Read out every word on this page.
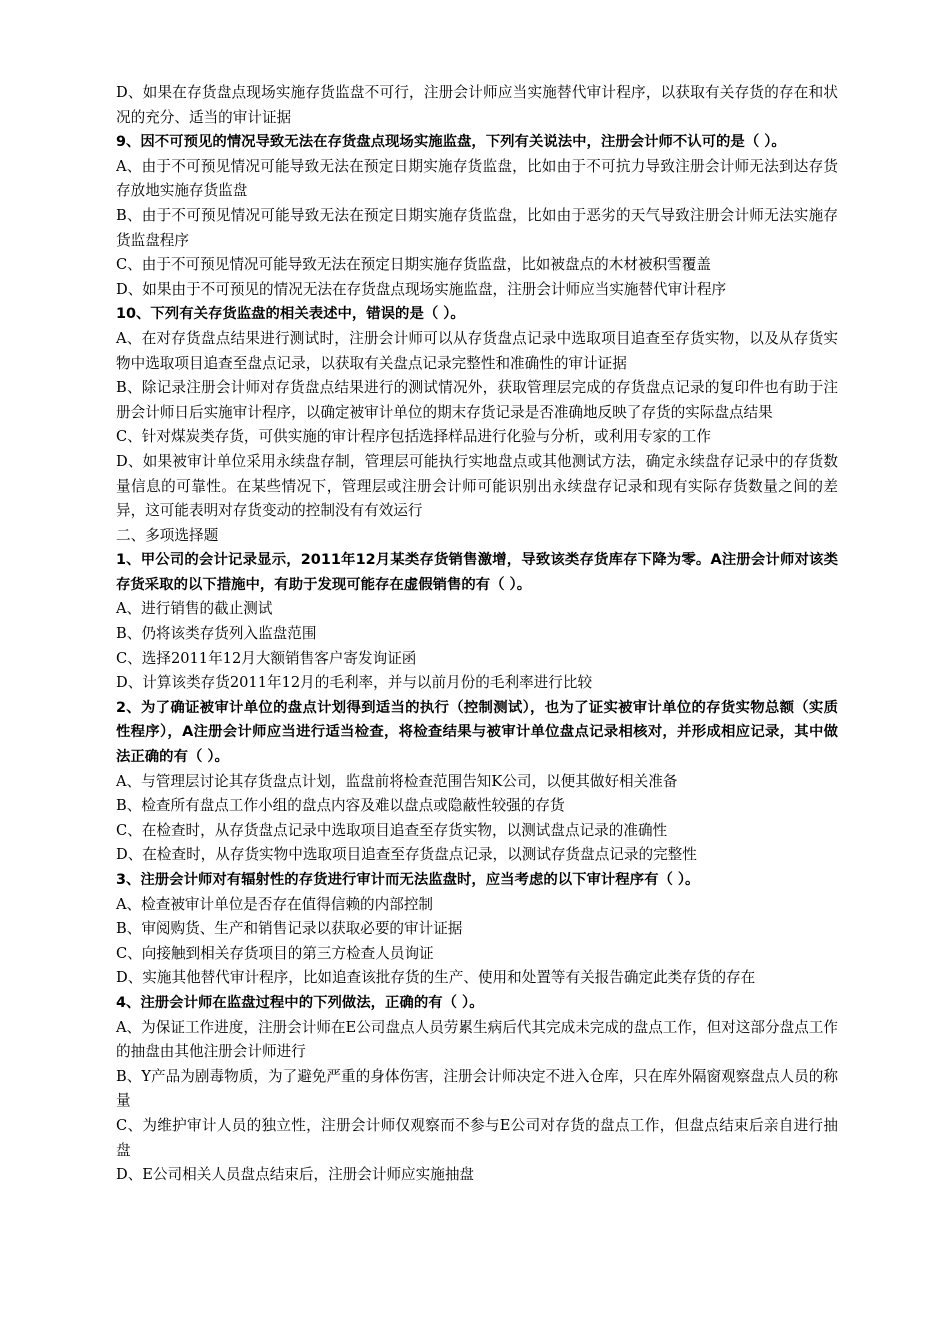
D、如果在存货盘点现场实施存货监盘不可行，注册会计师应当实施替代审计程序，以获取有关存货的存在和状况的充分、适当的审计证据

9、因不可预见的情况导致无法在存货盘点现场实施监盘，下列有关说法中，注册会计师不认可的是（ ）。

A、由于不可预见情况可能导致无法在预定日期实施存货监盘，比如由于不可抗力导致注册会计师无法到达存货存放地实施存货监盘

B、由于不可预见情况可能导致无法在预定日期实施存货监盘，比如由于恶劣的天气导致注册会计师无法实施存货监盘程序

C、由于不可预见情况可能导致无法在预定日期实施存货监盘，比如被盘点的木材被积雪覆盖

D、如果由于不可预见的情况无法在存货盘点现场实施监盘，注册会计师应当实施替代审计程序

10、下列有关存货监盘的相关表述中，错误的是（ ）。

A、在对存货盘点结果进行测试时，注册会计师可以从存货盘点记录中选取项目追查至存货实物，以及从存货实物中选取项目追查至盘点记录，以获取有关盘点记录完整性和准确性的审计证据

B、除记录注册会计师对存货盘点结果进行的测试情况外，获取管理层完成的存货盘点记录的复印件也有助于注册会计师日后实施审计程序，以确定被审计单位的期末存货记录是否准确地反映了存货的实际盘点结果

C、针对煤炭类存货，可供实施的审计程序包括选择样品进行化验与分析，或利用专家的工作

D、如果被审计单位采用永续盘存制，管理层可能执行实地盘点或其他测试方法，确定永续盘存记录中的存货数量信息的可靠性。在某些情况下，管理层或注册会计师可能识别出永续盘存记录和现有实际存货数量之间的差异，这可能表明对存货变动的控制没有有效运行

二、多项选择题

1、甲公司的会计记录显示，2011年12月某类存货销售激增，导致该类存货库存下降为零。A注册会计师对该类存货采取的以下措施中，有助于发现可能存在虚假销售的有（ ）。

A、进行销售的截止测试

B、仍将该类存货列入监盘范围

C、选择2011年12月大额销售客户寄发询证函

D、计算该类存货2011年12月的毛利率，并与以前月份的毛利率进行比较

2、为了确证被审计单位的盘点计划得到适当的执行（控制测试），也为了证实被审计单位的存货实物总额（实质性程序），A注册会计师应当进行适当检查，将检查结果与被审计单位盘点记录相核对，并形成相应记录，其中做法正确的有（ ）。

A、与管理层讨论其存货盘点计划，监盘前将检查范围告知K公司，以便其做好相关准备

B、检查所有盘点工作小组的盘点内容及难以盘点或隐蔽性较强的存货

C、在检查时，从存货盘点记录中选取项目追查至存货实物，以测试盘点记录的准确性

D、在检查时，从存货实物中选取项目追查至存货盘点记录，以测试存货盘点记录的完整性

3、注册会计师对有辐射性的存货进行审计而无法监盘时，应当考虑的以下审计程序有（ ）。

A、检查被审计单位是否存在值得信赖的内部控制

B、审阅购货、生产和销售记录以获取必要的审计证据

C、向接触到相关存货项目的第三方检查人员询证

D、实施其他替代审计程序，比如追查该批存货的生产、使用和处置等有关报告确定此类存货的存在

4、注册会计师在监盘过程中的下列做法，正确的有（ ）。

A、为保证工作进度，注册会计师在E公司盘点人员劳累生病后代其完成未完成的盘点工作，但对这部分盘点工作的抽盘由其他注册会计师进行

B、Y产品为剧毒物质，为了避免严重的身体伤害，注册会计师决定不进入仓库，只在库外隔窗观察盘点人员的称量

C、为维护审计人员的独立性，注册会计师仅观察而不参与E公司对存货的盘点工作，但盘点结束后亲自进行抽盘

D、E公司相关人员盘点结束后，注册会计师应实施抽盘
